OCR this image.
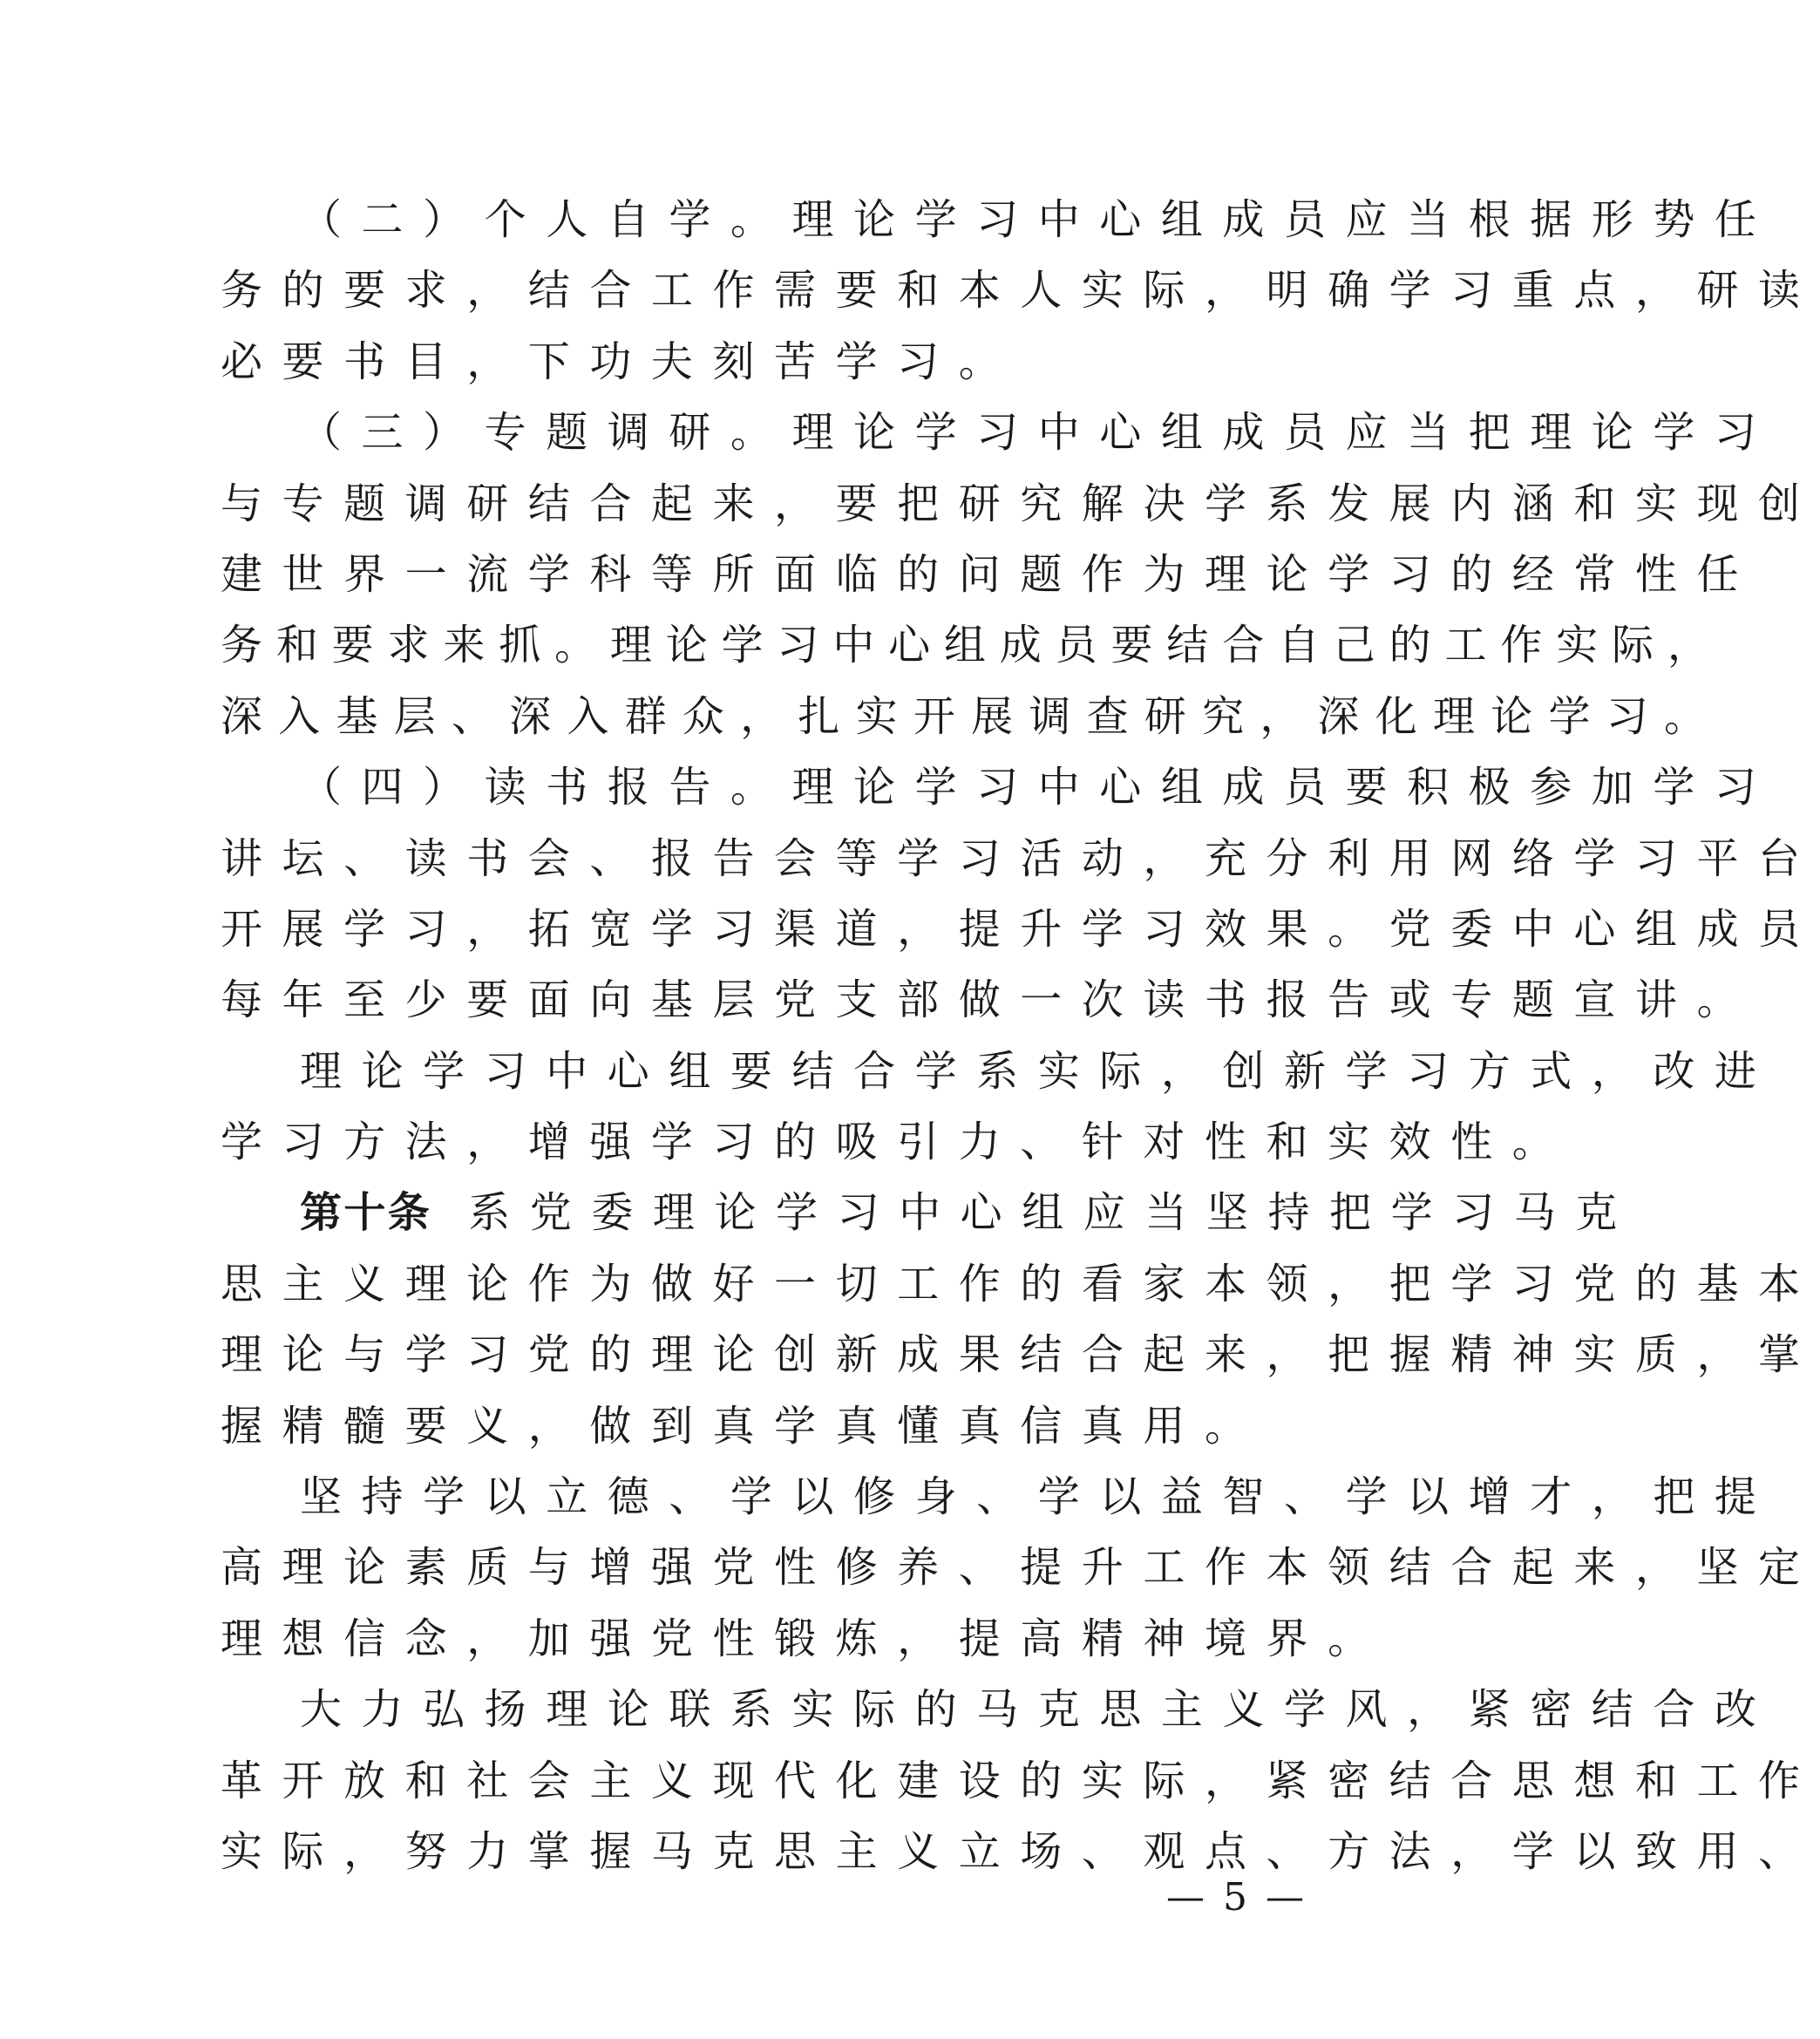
（二）个人自学。理论学习中心组成员应当根据形势任
务的要求，结合工作需要和本人实际，明确学习重点，研读
必要书目，下功夫刻苦学习。
（三）专题调研。理论学习中心组成员应当把理论学习
与专题调研结合起来，要把研究解决学系发展内涵和实现创
建世界一流学科等所面临的问题作为理论学习的经常性任
务和要求来抓。理论学习中心组成员要结合自己的工作实际，
深入基层、深入群众，扎实开展调查研究，深化理论学习。
（四）读书报告。理论学习中心组成员要积极参加学习
讲坛、读书会、报告会等学习活动，充分利用网络学习平台
开展学习，拓宽学习渠道，提升学习效果。党委中心组成员
每年至少要面向基层党支部做一次读书报告或专题宣讲。
理论学习中心组要结合学系实际，创新学习方式，改进
学习方法，增强学习的吸引力、针对性和实效性。
第十条 系党委理论学习中心组应当坚持把学习马克
思主义理论作为做好一切工作的看家本领，把学习党的基本
理论与学习党的理论创新成果结合起来，把握精神实质，掌
握精髓要义，做到真学真懂真信真用。
坚持学以立德、学以修身、学以益智、学以增才，把提
高理论素质与增强党性修养、提升工作本领结合起来，坚定
理想信念，加强党性锻炼，提高精神境界。
大力弘扬理论联系实际的马克思主义学风，紧密结合改
革开放和社会主义现代化建设的实际，紧密结合思想和工作
实际，努力掌握马克思主义立场、观点、方法，学以致用、
— 5 —
